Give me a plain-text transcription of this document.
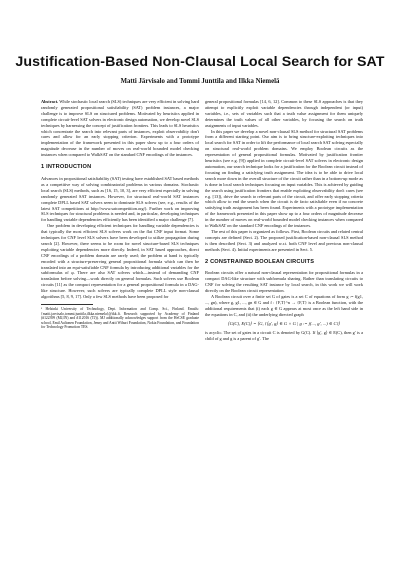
Justification-Based Non-Clausal Local Search for SAT
Matti Järvisalo and Tommi Junttila and Ilkka Niemelä

Abstract. While stochastic local search (SLS) techniques are very efficient in solving hard randomly generated propositional satisfiability (SAT) problem instances, a major challenge is to improve SLS on structured problems. Motivated by heuristics applied in complete circuit-level SAT solvers in electronic design automation, we develop novel SLS techniques by harnessing the concept of justification frontiers. This leads to SLS heuristics which concentrate the search into relevant parts of instances, exploit observability don't cares and allow for an early stopping criterion. Experiments with a prototype implementation of the framework presented in this paper show up to a four orders of magnitude decrease in the number of moves on real-world bounded model checking instances when compared to WalkSAT on the standard CNF encodings of the instances.

1 INTRODUCTION

Advances in propositional satisfiability (SAT) testing have established SAT based methods as a competitive way of solving combinatorial problems in various domains. Stochastic local search (SLS) methods, such as [16, 15, 10, 3], are very efficient especially in solving randomly generated SAT instances. However, for structural real-world SAT instances complete DPLL based SAT solvers seem to dominate SLS solvers (see, e.g., results of the latest SAT competitions at http://www.satcompetition.org/). Further work on improving SLS techniques for structural problems is needed and, in particular, developing techniques for handling variable dependencies efficiently has been identified a major challenge [7].

One problem in developing efficient techniques for handling variable dependencies is that typically the most efficient SLS solvers work on the flat CNF input format. Some techniques for CNF level SLS solvers have been developed to utilize propagation during search [2]. However, there seems to be room for novel structure-based SLS techniques exploiting variable dependencies more directly. Indeed, in SAT based approaches, direct CNF encodings of a problem domain are rarely used; the problem at hand is typically encoded with a structure-preserving general propositional formula which can then be translated into an equi-satisfiable CNF formula by introducing additional variables for the subformulas of φ. There are also SAT solvers which—instead of demanding CNF translation before solving—work directly on general formulas. Such solvers use Boolean circuits [11] as the compact representation for a general propositional formula in a DAG-like structure. However, such solvers are typically complete DPLL style non-clausal algorithms [5, 8, 9, 17]. Only a few SLS methods have been proposed for

¹ Helsinki University of Technology, Dept. Information and Comp. Sci., Finland. Emails: {matti.jarvisalo,tommi.junttila,ilkka.niemela}@tkk.fi. Research supported by Academy of Finland (#122399 (MJ,IN) and #112016 (TJ)). MJ additionally acknowledges support from the HeCSE graduate school, Emil Aaltonen Foundation, Jenny and Antti Wihuri Foundation, Nokia Foundation, and Foundation for Technology Promotion TES.

general propositional formulas [14, 6, 12]. Common to these SLS approaches is that they attempt to explicitly exploit variable dependencies through independent (or input) variables, i.e., sets of variables such that a truth value assignment for them uniquely determines the truth values of all other variables, by focusing the search on truth assignments of input variables.

In this paper we develop a novel non-clausal SLS method for structural SAT problems from a different starting point. Our aim is to bring structure-exploiting techniques into local search for SAT in order to lift the performance of local search SAT solving especially on structural real-world problem domains. We employ Boolean circuits as the representation of general propositional formulas. Motivated by justification frontier heuristics (see e.g. [9]) applied in complete circuit-level SAT solvers in electronic design automation, our search technique looks for a justification for the Boolean circuit instead of focusing on finding a satisfying truth assignment. The idea is to be able to drive local search more down in the overall structure of the circuit rather than in a bottom-up mode as is done in local search techniques focusing on input variables. This is achieved by guiding the search using justification frontiers that enable exploiting observability don't cares (see e.g. [13]), drive the search to relevant parts of the circuit, and offer early stopping criteria which allow to end the search when the circuit is de facto satisfiable even if no concrete satisfying truth assignment has been found. Experiments with a prototype implementation of the framework presented in this paper show up to a four orders of magnitude decrease in the number of moves on real-world bounded model checking instances when compared to WalkSAT on the standard CNF encodings of the instances.

The rest of this paper is organized as follows. First, Boolean circuits and related central concepts are defined (Sect. 2). The proposed justification-based non-clausal SLS method is then described (Sect. 3) and analyzed w.r.t. both CNF level and previous non-clausal methods (Sect. 4). Initial experiments are presented in Sect. 5.

2 CONSTRAINED BOOLEAN CIRCUITS

Boolean circuits offer a natural non-clausal representation for propositional formulas in a compact DAG-like structure with subformula sharing. Rather than translating circuits to CNF for solving the resulting SAT instance by local search, in this work we will work directly on the Boolean circuit representation.

A Boolean circuit over a finite set G of gates is a set C of equations of form g := f(g1, ..., gn), where g, g1, ..., gn ∈ G and f : {F,T}^n → {F,T} is a Boolean function, with the additional requirements that (i) each g ∈ G appears at most once as the left hand side in the equations in C, and (ii) the underlying directed graph

⟨G(C), E(C)⟩ = ⟨G, {⟨g′, g⟩ ∈ G × G | g := f(..., g′, ...) ∈ C}⟩

is acyclic. The set of gates in a circuit C is denoted by G(C). If ⟨g′, g⟩ ∈ E(C), then g′ is a child of g and g is a parent of g′. The
